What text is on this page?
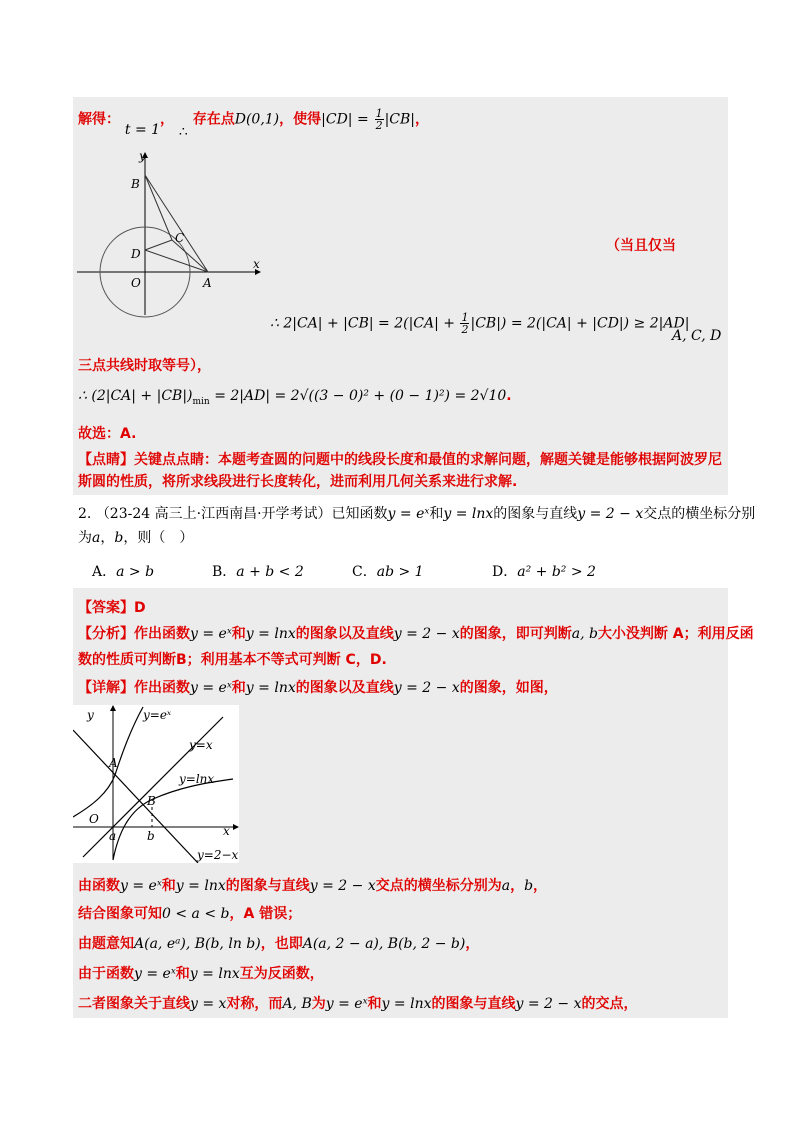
解得： t = 1， ∴ 存在点D(0,1)，使得$|CD| = \frac{1}{2} |CB|$，
y
x
B
C
D
O	A
（当且仅当
∴ $2|CA| + |CB| = 2(|CA| + \frac{1}{2} |CB|) = 2(|CA| + |CD|) \ge 2|AD|$
A, C, D
三点共线时取等号），
∴ $(2|CA| + |CB|)_{min} = 2|AD| = 2√((3 - 0)^2 + (0 - 1)^2) = 2√10$.
故选：A.
【点睛】关键点点睛：本题考查圆的问题中的线段长度和最值的求解问题，解题关键是能够根据阿波罗尼
斯圆的性质，将所求线段进行长度转化，进而利用几何关系来进行求解.
2. （23-24 高三上·江西南昌·开学考试）已知函数y = eˣ和y = lnx的图象与直线y = 2 − x交点的横坐标分别
为a，b，则（　）
A．a > b	B．a + b < 2	C．ab > 1	D．a² + b² > 2
【答案】D
【分析】作出函数y = eˣ和y = lnx的图象以及直线y = 2 − x的图象，即可判断a, b大小没判断 A；利用反函
数的性质可判断B；利用基本不等式可判断 C，D.
【详解】作出函数y = eˣ和y = lnx的图象以及直线y = 2 − x的图象，如图，
y	y=eˣ
y=x
y=lnx
A
B
O
a	b	x
y=2−x
由函数y = eˣ和y = lnx的图象与直线y = 2 − x交点的横坐标分别为a，b，
结合图象可知0 < a < b，A 错误；
由题意知A(a, eᵃ), B(b, ln b)，也即A(a, 2 − a), B(b, 2 − b)，
由于函数y = eˣ和y = lnx互为反函数，
二者图象关于直线y = x对称，而A, B为y = eˣ和y = lnx的图象与直线y = 2 − x的交点，
